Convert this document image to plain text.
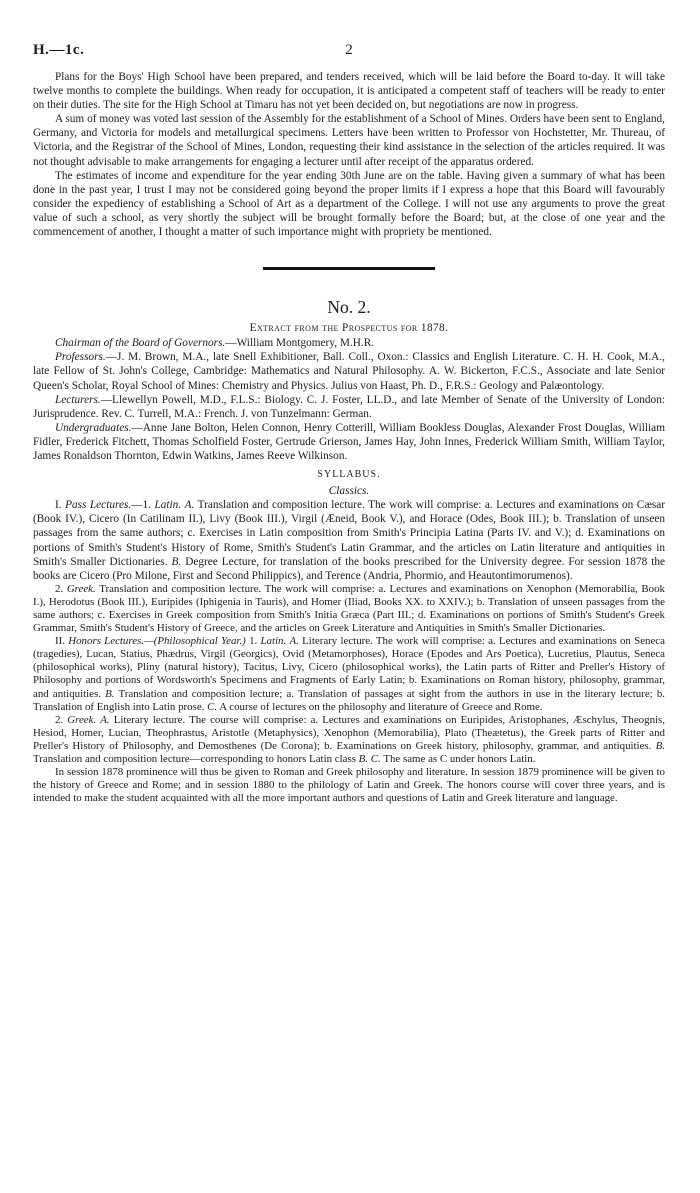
H.—1c.	2

Plans for the Boys' High School have been prepared, and tenders received, which will be laid before the Board to-day. It will take twelve months to complete the buildings. When ready for occupation, it is anticipated a competent staff of teachers will be ready to enter on their duties. The site for the High School at Timaru has not yet been decided on, but negotiations are now in progress.

A sum of money was voted last session of the Assembly for the establishment of a School of Mines. Orders have been sent to England, Germany, and Victoria for models and metallurgical specimens. Letters have been written to Professor von Hochstetter, Mr. Thureau, of Victoria, and the Registrar of the School of Mines, London, requesting their kind assistance in the selection of the articles required. It was not thought advisable to make arrangements for engaging a lecturer until after receipt of the apparatus ordered.

The estimates of income and expenditure for the year ending 30th June are on the table. Having given a summary of what has been done in the past year, I trust I may not be considered going beyond the proper limits if I express a hope that this Board will favourably consider the expediency of establishing a School of Art as a department of the College. I will not use any arguments to prove the great value of such a school, as very shortly the subject will be brought formally before the Board; but, at the close of one year and the commencement of another, I thought a matter of such importance might with propriety be mentioned.

No. 2.
Extract from the Prospectus for 1878.

Chairman of the Board of Governors.—William Montgomery, M.H.R.

Professors.—J. M. Brown, M.A., late Snell Exhibitioner, Ball. Coll., Oxon.: Classics and English Literature. C. H. H. Cook, M.A., late Fellow of St. John's College, Cambridge: Mathematics and Natural Philosophy. A. W. Bickerton, F.C.S., Associate and late Senior Queen's Scholar, Royal School of Mines: Chemistry and Physics. Julius von Haast, Ph. D., F.R.S.: Geology and Palæontology.

Lecturers.—Llewellyn Powell, M.D., F.L.S.: Biology. C. J. Foster, LL.D., and late Member of Senate of the University of London: Jurisprudence. Rev. C. Turrell, M.A.: French. J. von Tunzelmann: German.

Undergraduates.—Anne Jane Bolton, Helen Connon, Henry Cotterill, William Bookless Douglas, Alexander Frost Douglas, William Fidler, Frederick Fitchett, Thomas Scholfield Foster, Gertrude Grierson, James Hay, John Innes, Frederick William Smith, William Taylor, James Ronaldson Thornton, Edwin Watkins, James Reeve Wilkinson.

SYLLABUS.
Classics.

I. Pass Lectures.—1. Latin. A. Translation and composition lecture. The work will comprise: a. Lectures and examinations on Cæsar (Book IV.), Cicero (In Catilinam II.), Livy (Book III.), Virgil (Æneid, Book V.), and Horace (Odes, Book III.); b. Translation of unseen passages from the same authors; c. Exercises in Latin composition from Smith's Principia Latina (Parts IV. and V.); d. Examinations on portions of Smith's Student's History of Rome, Smith's Student's Latin Grammar, and the articles on Latin literature and antiquities in Smith's Smaller Dictionaries. B. Degree Lecture, for translation of the books prescribed for the University degree. For session 1878 the books are Cicero (Pro Milone, First and Second Philippics), and Terence (Andria, Phormio, and Heautontimorumenos).

2. Greek. Translation and composition lecture. The work will comprise: a. Lectures and examinations on Xenophon (Memorabilia, Book I.), Herodotus (Book III.), Euripides (Iphigenia in Tauris), and Homer (Iliad, Books XX. to XXIV.); b. Translation of unseen passages from the same authors; c. Exercises in Greek composition from Smith's Initia Græca (Part III.; d. Examinations on portions of Smith's Student's Greek Grammar, Smith's Student's History of Greece, and the articles on Greek Literature and Antiquities in Smith's Smaller Dictionaries.

II. Honors Lectures.—(Philosophical Year.) 1. Latin. A. Literary lecture. The work will comprise: a. Lectures and examinations on Seneca (tragedies), Lucan, Statius, Phædrus, Virgil (Georgics), Ovid (Metamorphoses), Horace (Epodes and Ars Poetica), Lucretius, Plautus, Seneca (philosophical works), Pliny (natural history), Tacitus, Livy, Cicero (philosophical works), the Latin parts of Ritter and Preller's History of Philosophy and portions of Wordsworth's Specimens and Fragments of Early Latin; b. Examinations on Roman history, philosophy, grammar, and antiquities. B. Translation and composition lecture; a. Translation of passages at sight from the authors in use in the literary lecture; b. Translation of English into Latin prose. C. A course of lectures on the philosophy and literature of Greece and Rome.

2. Greek. A. Literary lecture. The course will comprise: a. Lectures and examinations on Euripides, Aristophanes, Æschylus, Theognis, Hesiod, Homer, Lucian, Theophrastus, Aristotle (Metaphysics), Xenophon (Memorabilia), Plato (Theætetus), the Greek parts of Ritter and Preller's History of Philosophy, and Demosthenes (De Corona); b. Examinations on Greek history, philosophy, grammar, and antiquities. B. Translation and composition lecture—corresponding to honors Latin class B. C. The same as C under honors Latin.

In session 1878 prominence will thus be given to Roman and Greek philosophy and literature. In session 1879 prominence will be given to the history of Greece and Rome; and in session 1880 to the philology of Latin and Greek. The honors course will cover three years, and is intended to make the student acquainted with all the more important authors and questions of Latin and Greek literature and language.
